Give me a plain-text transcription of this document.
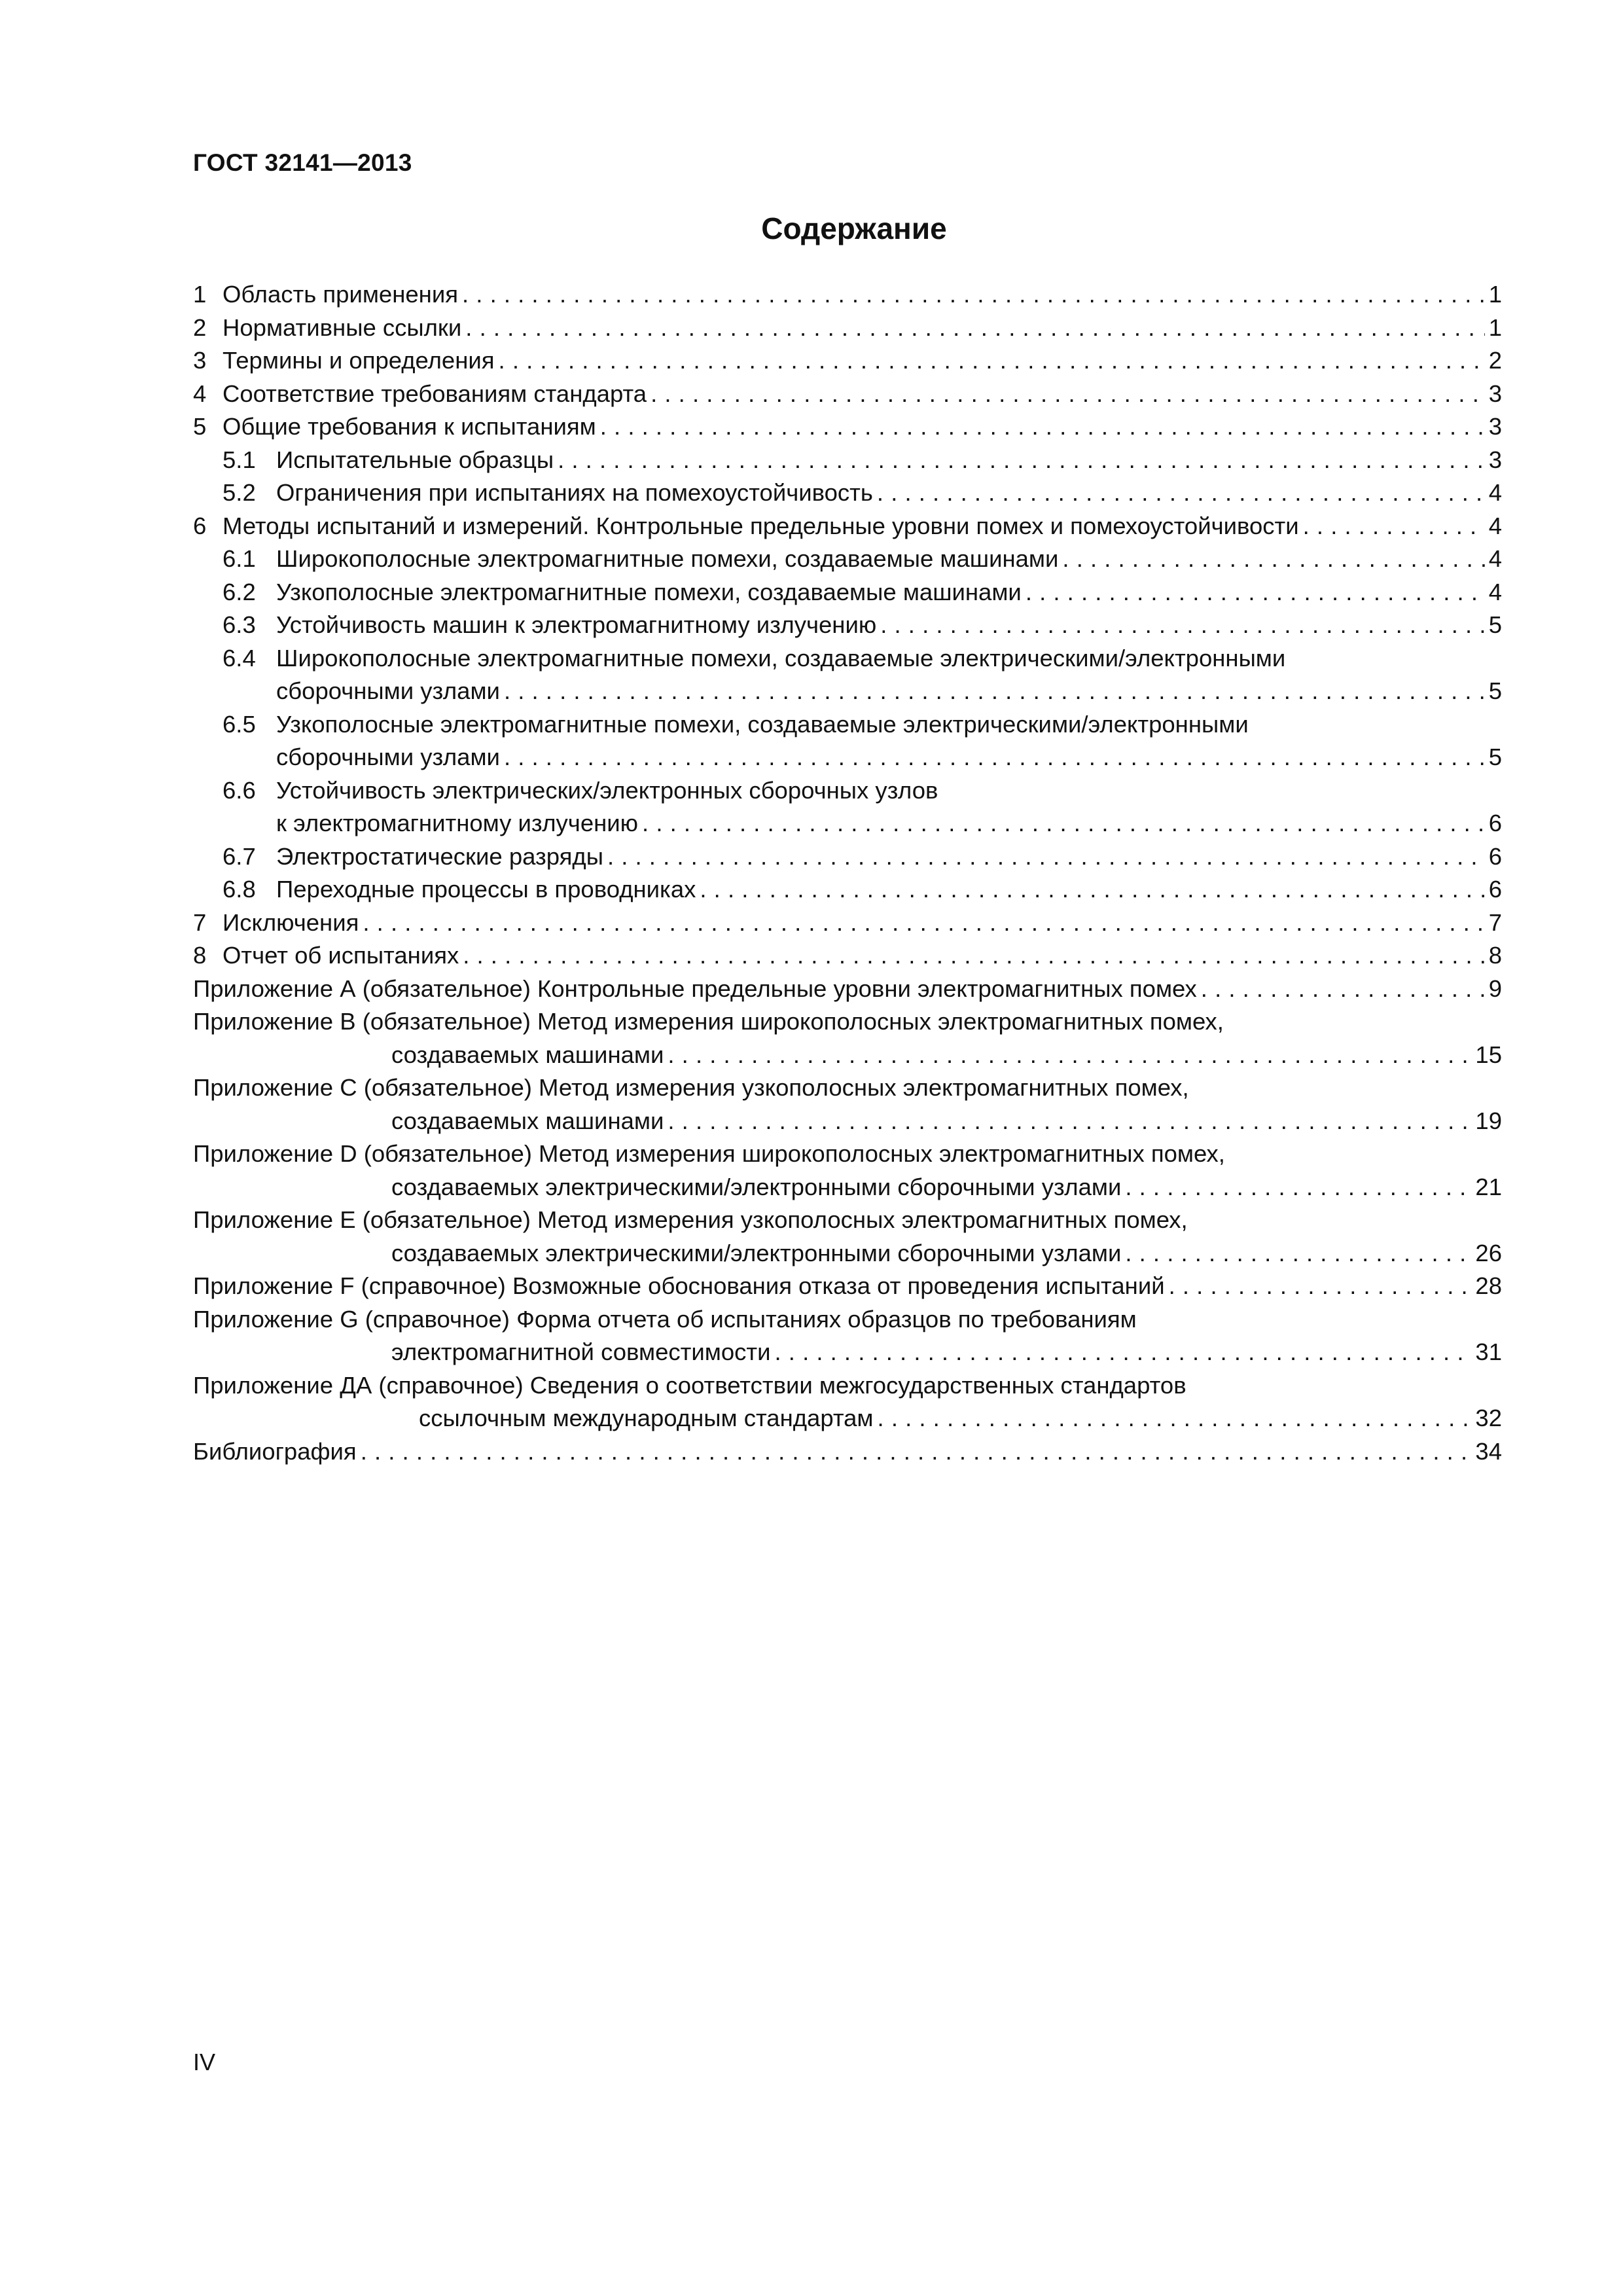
ГОСТ 32141—2013
Содержание
1 Область применения . . .	1
2 Нормативные ссылки . . .	1
3 Термины и определения . . .	2
4 Соответствие требованиям стандарта . . .	3
5 Общие требования к испытаниям . . .	3
5.1 Испытательные образцы . . .	3
5.2 Ограничения при испытаниях на помехоустойчивость . . .	4
6 Методы испытаний и измерений. Контрольные предельные уровни помех и помехоустойчивости . . .	4
6.1 Широкополосные электромагнитные помехи, создаваемые машинами . . .	4
6.2 Узкополосные электромагнитные помехи, создаваемые машинами . . .	4
6.3 Устойчивость машин к электромагнитному излучению . . .	5
6.4 Широкополосные электромагнитные помехи, создаваемые электрическими/электронными
сборочными узлами . . .	5
6.5 Узкополосные электромагнитные помехи, создаваемые электрическими/электронными
сборочными узлами . . .	5
6.6 Устойчивость электрических/электронных сборочных узлов
к электромагнитному излучению . . .	6
6.7 Электростатические разряды . . .	6
6.8 Переходные процессы в проводниках . . .	6
7 Исключения . . .	7
8 Отчет об испытаниях . . .	8
Приложение А (обязательное) Контрольные предельные уровни электромагнитных помех . . .	9
Приложение В (обязательное) Метод измерения широкополосных электромагнитных помех,
создаваемых машинами . . .	15
Приложение С (обязательное) Метод измерения узкополосных электромагнитных помех,
создаваемых машинами . . .	19
Приложение D (обязательное) Метод измерения широкополосных электромагнитных помех,
создаваемых электрическими/электронными сборочными узлами . . .	21
Приложение Е (обязательное) Метод измерения узкополосных электромагнитных помех,
создаваемых электрическими/электронными сборочными узлами . . .	26
Приложение F (справочное) Возможные обоснования отказа от проведения испытаний . . .	28
Приложение G (справочное) Форма отчета об испытаниях образцов по требованиям
электромагнитной совместимости . . .	31
Приложение ДА (справочное) Сведения о соответствии межгосударственных стандартов
ссылочным международным стандартам . . .	32
Библиография . . .	34
IV
